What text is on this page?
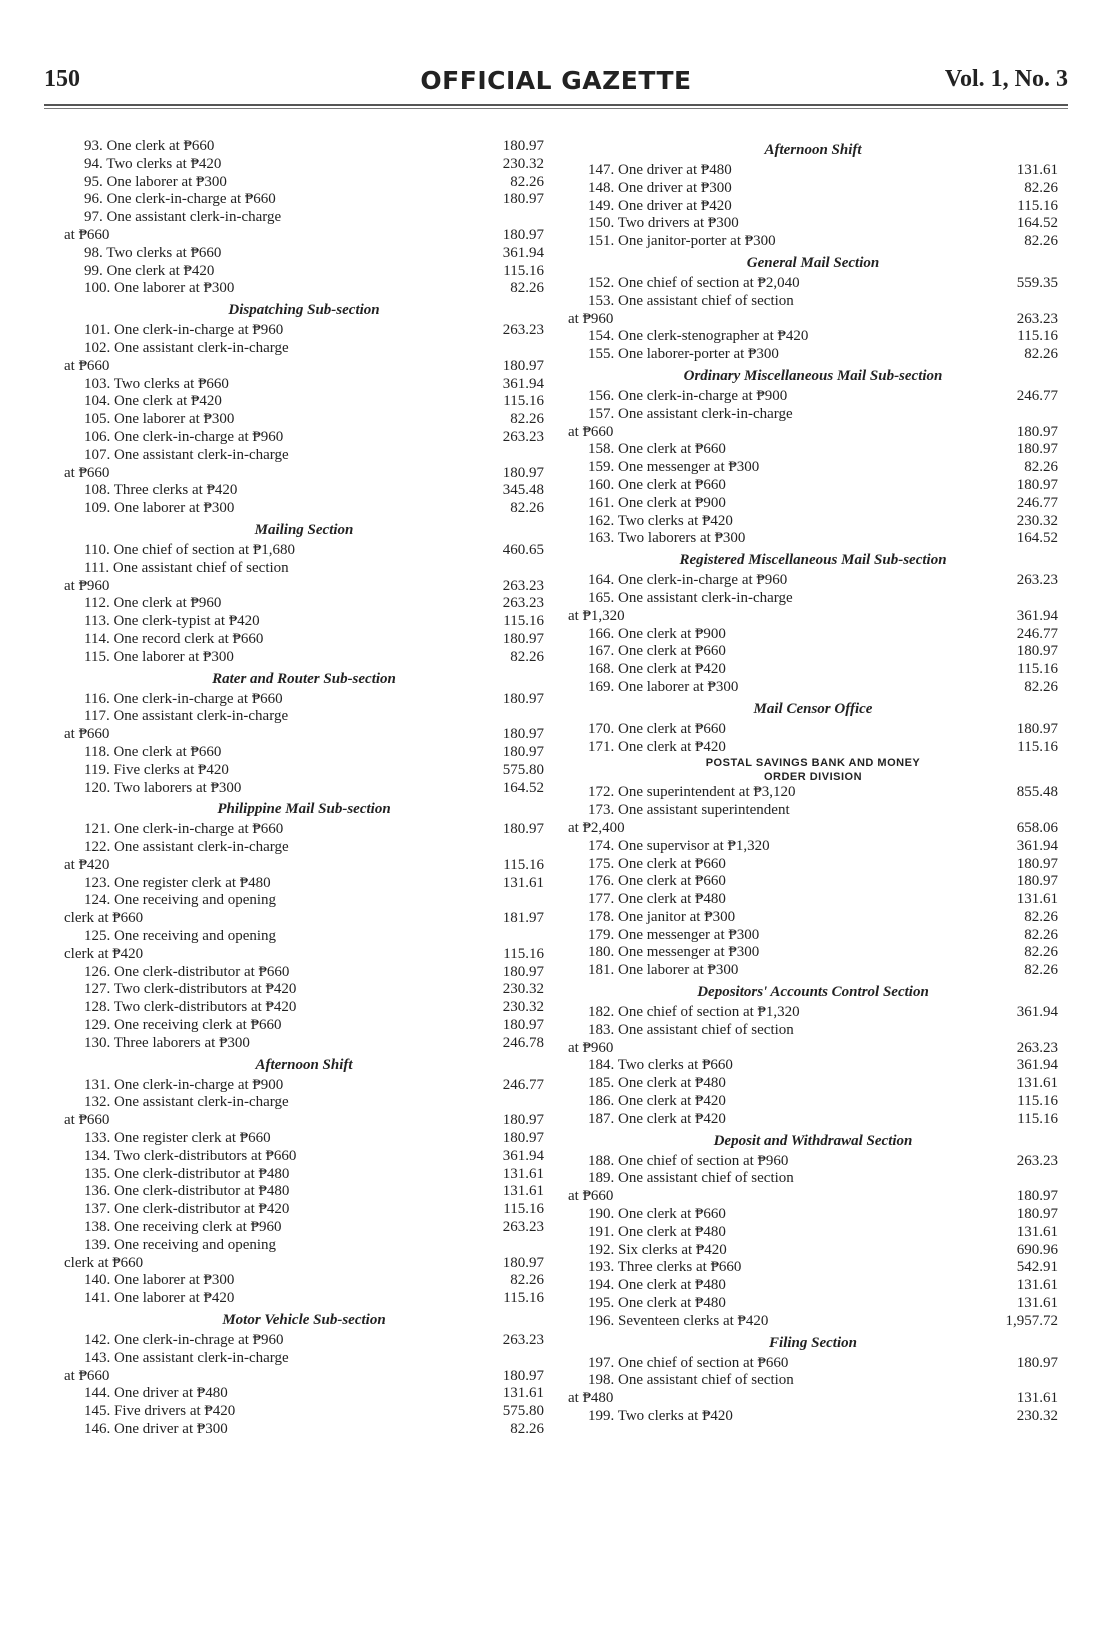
150	OFFICIAL GAZETTE	Vol. 1, No. 3
93. One clerk at ₱660	180.97
94. Two clerks at ₱420	230.32
95. One laborer at ₱300	82.26
96. One clerk-in-charge at ₱660	180.97
97. One assistant clerk-in-charge
at ₱660	180.97
98. Two clerks at ₱660	361.94
99. One clerk at ₱420	115.16
100. One laborer at ₱300	82.26
Dispatching Sub-section
101. One clerk-in-charge at ₱960	263.23
102. One assistant clerk-in-charge
at ₱660	180.97
103. Two clerks at ₱660	361.94
104. One clerk at ₱420	115.16
105. One laborer at ₱300	82.26
106. One clerk-in-charge at ₱960	263.23
107. One assistant clerk-in-charge
at ₱660	180.97
108. Three clerks at ₱420	345.48
109. One laborer at ₱300	82.26
Mailing Section
110. One chief of section at ₱1,680	460.65
111. One assistant chief of section
at ₱960	263.23
112. One clerk at ₱960	263.23
113. One clerk-typist at ₱420	115.16
114. One record clerk at ₱660	180.97
115. One laborer at ₱300	82.26
Rater and Router Sub-section
116. One clerk-in-charge at ₱660	180.97
117. One assistant clerk-in-charge
at ₱660	180.97
118. One clerk at ₱660	180.97
119. Five clerks at ₱420	575.80
120. Two laborers at ₱300	164.52
Philippine Mail Sub-section
121. One clerk-in-charge at ₱660	180.97
122. One assistant clerk-in-charge
at ₱420	115.16
123. One register clerk at ₱480	131.61
124. One receiving and opening
clerk at ₱660	181.97
125. One receiving and opening
clerk at ₱420	115.16
126. One clerk-distributor at ₱660	180.97
127. Two clerk-distributors at ₱420	230.32
128. Two clerk-distributors at ₱420	230.32
129. One receiving clerk at ₱660	180.97
130. Three laborers at ₱300	246.78
Afternoon Shift
131. One clerk-in-charge at ₱900	246.77
132. One assistant clerk-in-charge
at ₱660	180.97
133. One register clerk at ₱660	180.97
134. Two clerk-distributors at ₱660	361.94
135. One clerk-distributor at ₱480	131.61
136. One clerk-distributor at ₱480	131.61
137. One clerk-distributor at ₱420	115.16
138. One receiving clerk at ₱960	263.23
139. One receiving and opening
clerk at ₱660	180.97
140. One laborer at ₱300	82.26
141. One laborer at ₱420	115.16
Motor Vehicle Sub-section
142. One clerk-in-chrage at ₱960	263.23
143. One assistant clerk-in-charge
at ₱660	180.97
144. One driver at ₱480	131.61
145. Five drivers at ₱420	575.80
146. One driver at ₱300	82.26
Afternoon Shift
147. One driver at ₱480	131.61
148. One driver at ₱300	82.26
149. One driver at ₱420	115.16
150. Two drivers at ₱300	164.52
151. One janitor-porter at ₱300	82.26
General Mail Section
152. One chief of section at ₱2,040	559.35
153. One assistant chief of section
at ₱960	263.23
154. One clerk-stenographer at ₱420	115.16
155. One laborer-porter at ₱300	82.26
Ordinary Miscellaneous Mail Sub-section
156. One clerk-in-charge at ₱900	246.77
157. One assistant clerk-in-charge
at ₱660	180.97
158. One clerk at ₱660	180.97
159. One messenger at ₱300	82.26
160. One clerk at ₱660	180.97
161. One clerk at ₱900	246.77
162. Two clerks at ₱420	230.32
163. Two laborers at ₱300	164.52
Registered Miscellaneous Mail Sub-section
164. One clerk-in-charge at ₱960	263.23
165. One assistant clerk-in-charge
at ₱1,320	361.94
166. One clerk at ₱900	246.77
167. One clerk at ₱660	180.97
168. One clerk at ₱420	115.16
169. One laborer at ₱300	82.26
Mail Censor Office
170. One clerk at ₱660	180.97
171. One clerk at ₱420	115.16
POSTAL SAVINGS BANK AND MONEY
ORDER DIVISION
172. One superintendent at ₱3,120	855.48
173. One assistant superintendent
at ₱2,400	658.06
174. One supervisor at ₱1,320	361.94
175. One clerk at ₱660	180.97
176. One clerk at ₱660	180.97
177. One clerk at ₱480	131.61
178. One janitor at ₱300	82.26
179. One messenger at ₱300	82.26
180. One messenger at ₱300	82.26
181. One laborer at ₱300	82.26
Depositors' Accounts Control Section
182. One chief of section at ₱1,320	361.94
183. One assistant chief of section
at ₱960	263.23
184. Two clerks at ₱660	361.94
185. One clerk at ₱480	131.61
186. One clerk at ₱420	115.16
187. One clerk at ₱420	115.16
Deposit and Withdrawal Section
188. One chief of section at ₱960	263.23
189. One assistant chief of section
at ₱660	180.97
190. One clerk at ₱660	180.97
191. One clerk at ₱480	131.61
192. Six clerks at ₱420	690.96
193. Three clerks at ₱660	542.91
194. One clerk at ₱480	131.61
195. One clerk at ₱480	131.61
196. Seventeen clerks at ₱420	1,957.72
Filing Section
197. One chief of section at ₱660	180.97
198. One assistant chief of section
at ₱480	131.61
199. Two clerks at ₱420	230.32
